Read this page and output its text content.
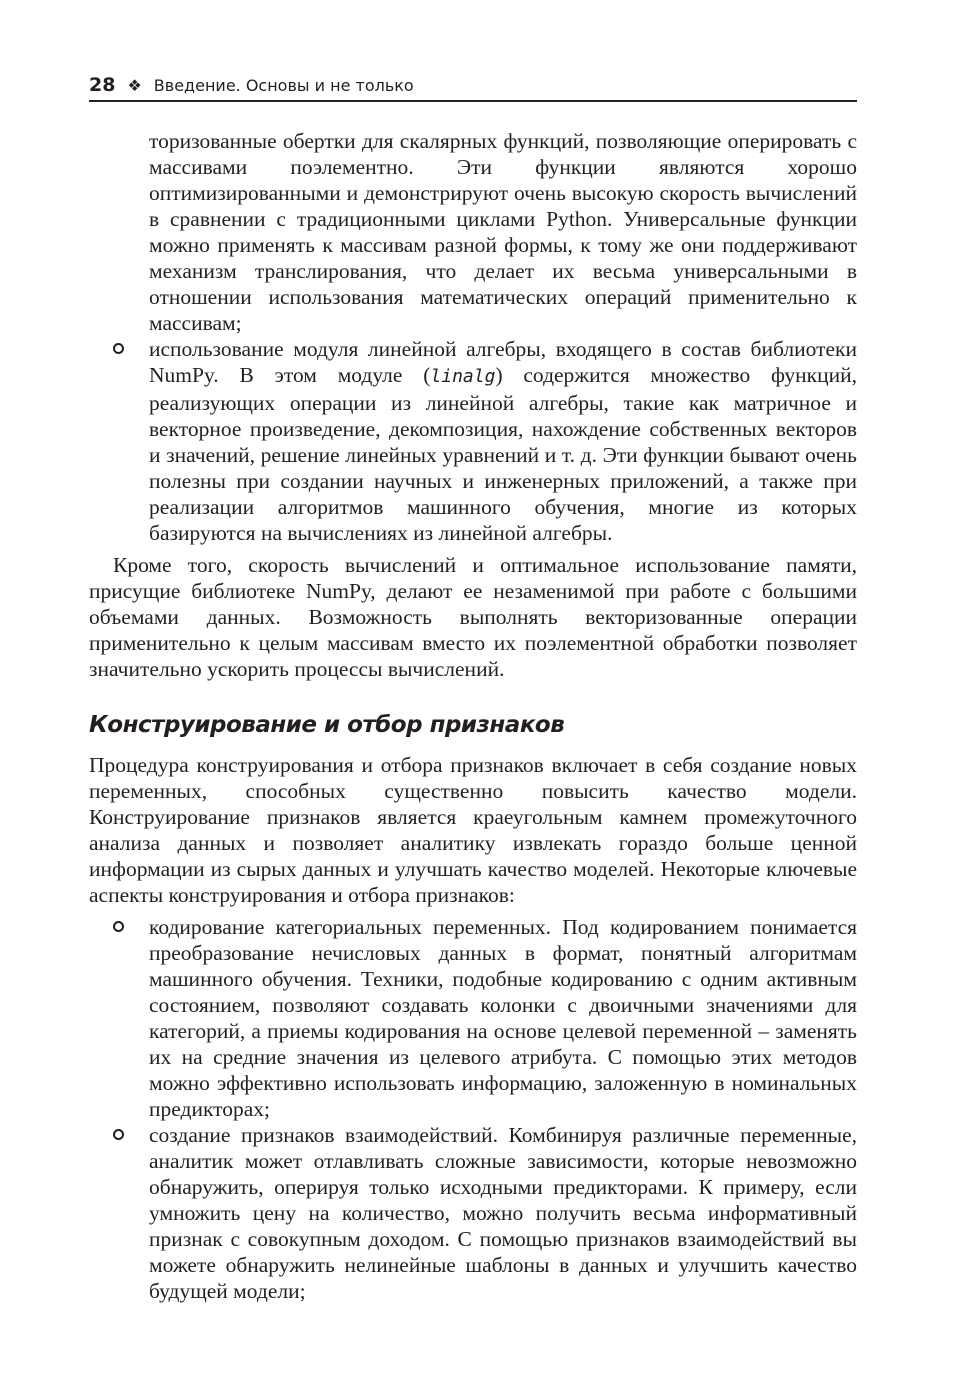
28 ❖ Введение. Основы и не только

торизованные обертки для скалярных функций, позволяющие оперировать с массивами поэлементно. Эти функции являются хорошо оптимизированными и демонстрируют очень высокую скорость вычислений в сравнении с традиционными циклами Python. Универсальные функции можно применять к массивам разной формы, к тому же они поддерживают механизм транслирования, что делает их весьма универсальными в отношении использования математических операций применительно к массивам;

использование модуля линейной алгебры, входящего в состав библиотеки NumPy. В этом модуле (linalg) содержится множество функций, реализующих операции из линейной алгебры, такие как матричное и векторное произведение, декомпозиция, нахождение собственных векторов и значений, решение линейных уравнений и т. д. Эти функции бывают очень полезны при создании научных и инженерных приложений, а также при реализации алгоритмов машинного обучения, многие из которых базируются на вычислениях из линейной алгебры.

Кроме того, скорость вычислений и оптимальное использование памяти, присущие библиотеке NumPy, делают ее незаменимой при работе с большими объемами данных. Возможность выполнять векторизованные операции применительно к целым массивам вместо их поэлементной обработки позволяет значительно ускорить процессы вычислений.

Конструирование и отбор признаков

Процедура конструирования и отбора признаков включает в себя создание новых переменных, способных существенно повысить качество модели. Конструирование признаков является краеугольным камнем промежуточного анализа данных и позволяет аналитику извлекать гораздо больше ценной информации из сырых данных и улучшать качество моделей. Некоторые ключевые аспекты конструирования и отбора признаков:

кодирование категориальных переменных. Под кодированием понимается преобразование нечисловых данных в формат, понятный алгоритмам машинного обучения. Техники, подобные кодированию с одним активным состоянием, позволяют создавать колонки с двоичными значениями для категорий, а приемы кодирования на основе целевой переменной – заменять их на средние значения из целевого атрибута. С помощью этих методов можно эффективно использовать информацию, заложенную в номинальных предикторах;

создание признаков взаимодействий. Комбинируя различные переменные, аналитик может отлавливать сложные зависимости, которые невозможно обнаружить, оперируя только исходными предикторами. К примеру, если умножить цену на количество, можно получить весьма информативный признак с совокупным доходом. С помощью признаков взаимодействий вы можете обнаружить нелинейные шаблоны в данных и улучшить качество будущей модели;
